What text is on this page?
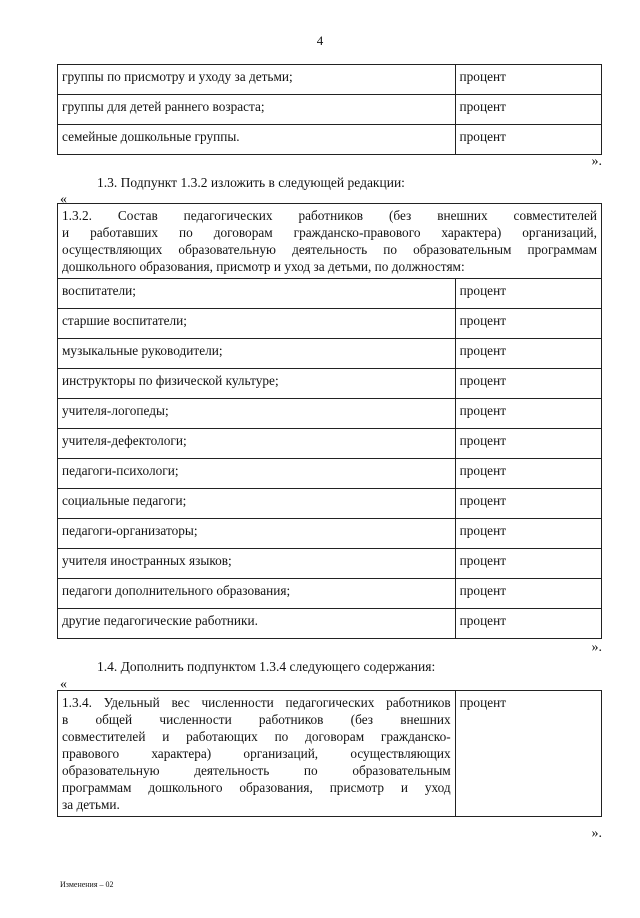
4
группы по присмотру и уходу за детьми;	процент
группы для детей раннего возраста;	процент
семейные дошкольные группы.	процент
».
1.3. Подпункт 1.3.2 изложить в следующей редакции:
«
1.3.2. Состав педагогических работников (без внешних совместителей
и работавших по договорам гражданско-правового характера) организаций,
осуществляющих образовательную деятельность по образовательным программам
дошкольного образования, присмотр и уход за детьми, по должностям:	

воспитатели;	процент
старшие воспитатели;	процент
музыкальные руководители;	процент
инструкторы по физической культуре;	процент
учителя-логопеды;	процент
учителя-дефектологи;	процент
педагоги-психологи;	процент
социальные педагоги;	процент
педагоги-организаторы;	процент
учителя иностранных языков;	процент
педагоги дополнительного образования;	процент
другие педагогические работники.	процент
».
1.4. Дополнить подпунктом 1.3.4 следующего содержания:
«
1.3.4. Удельный вес численности педагогических работников
в общей численности работников (без внешних
совместителей и работающих по договорам гражданско-
правового характера) организаций, осуществляющих
образовательную деятельность по образовательным
программам дошкольного образования, присмотр и уход
за детьми.
	процент
».
Изменения – 02
